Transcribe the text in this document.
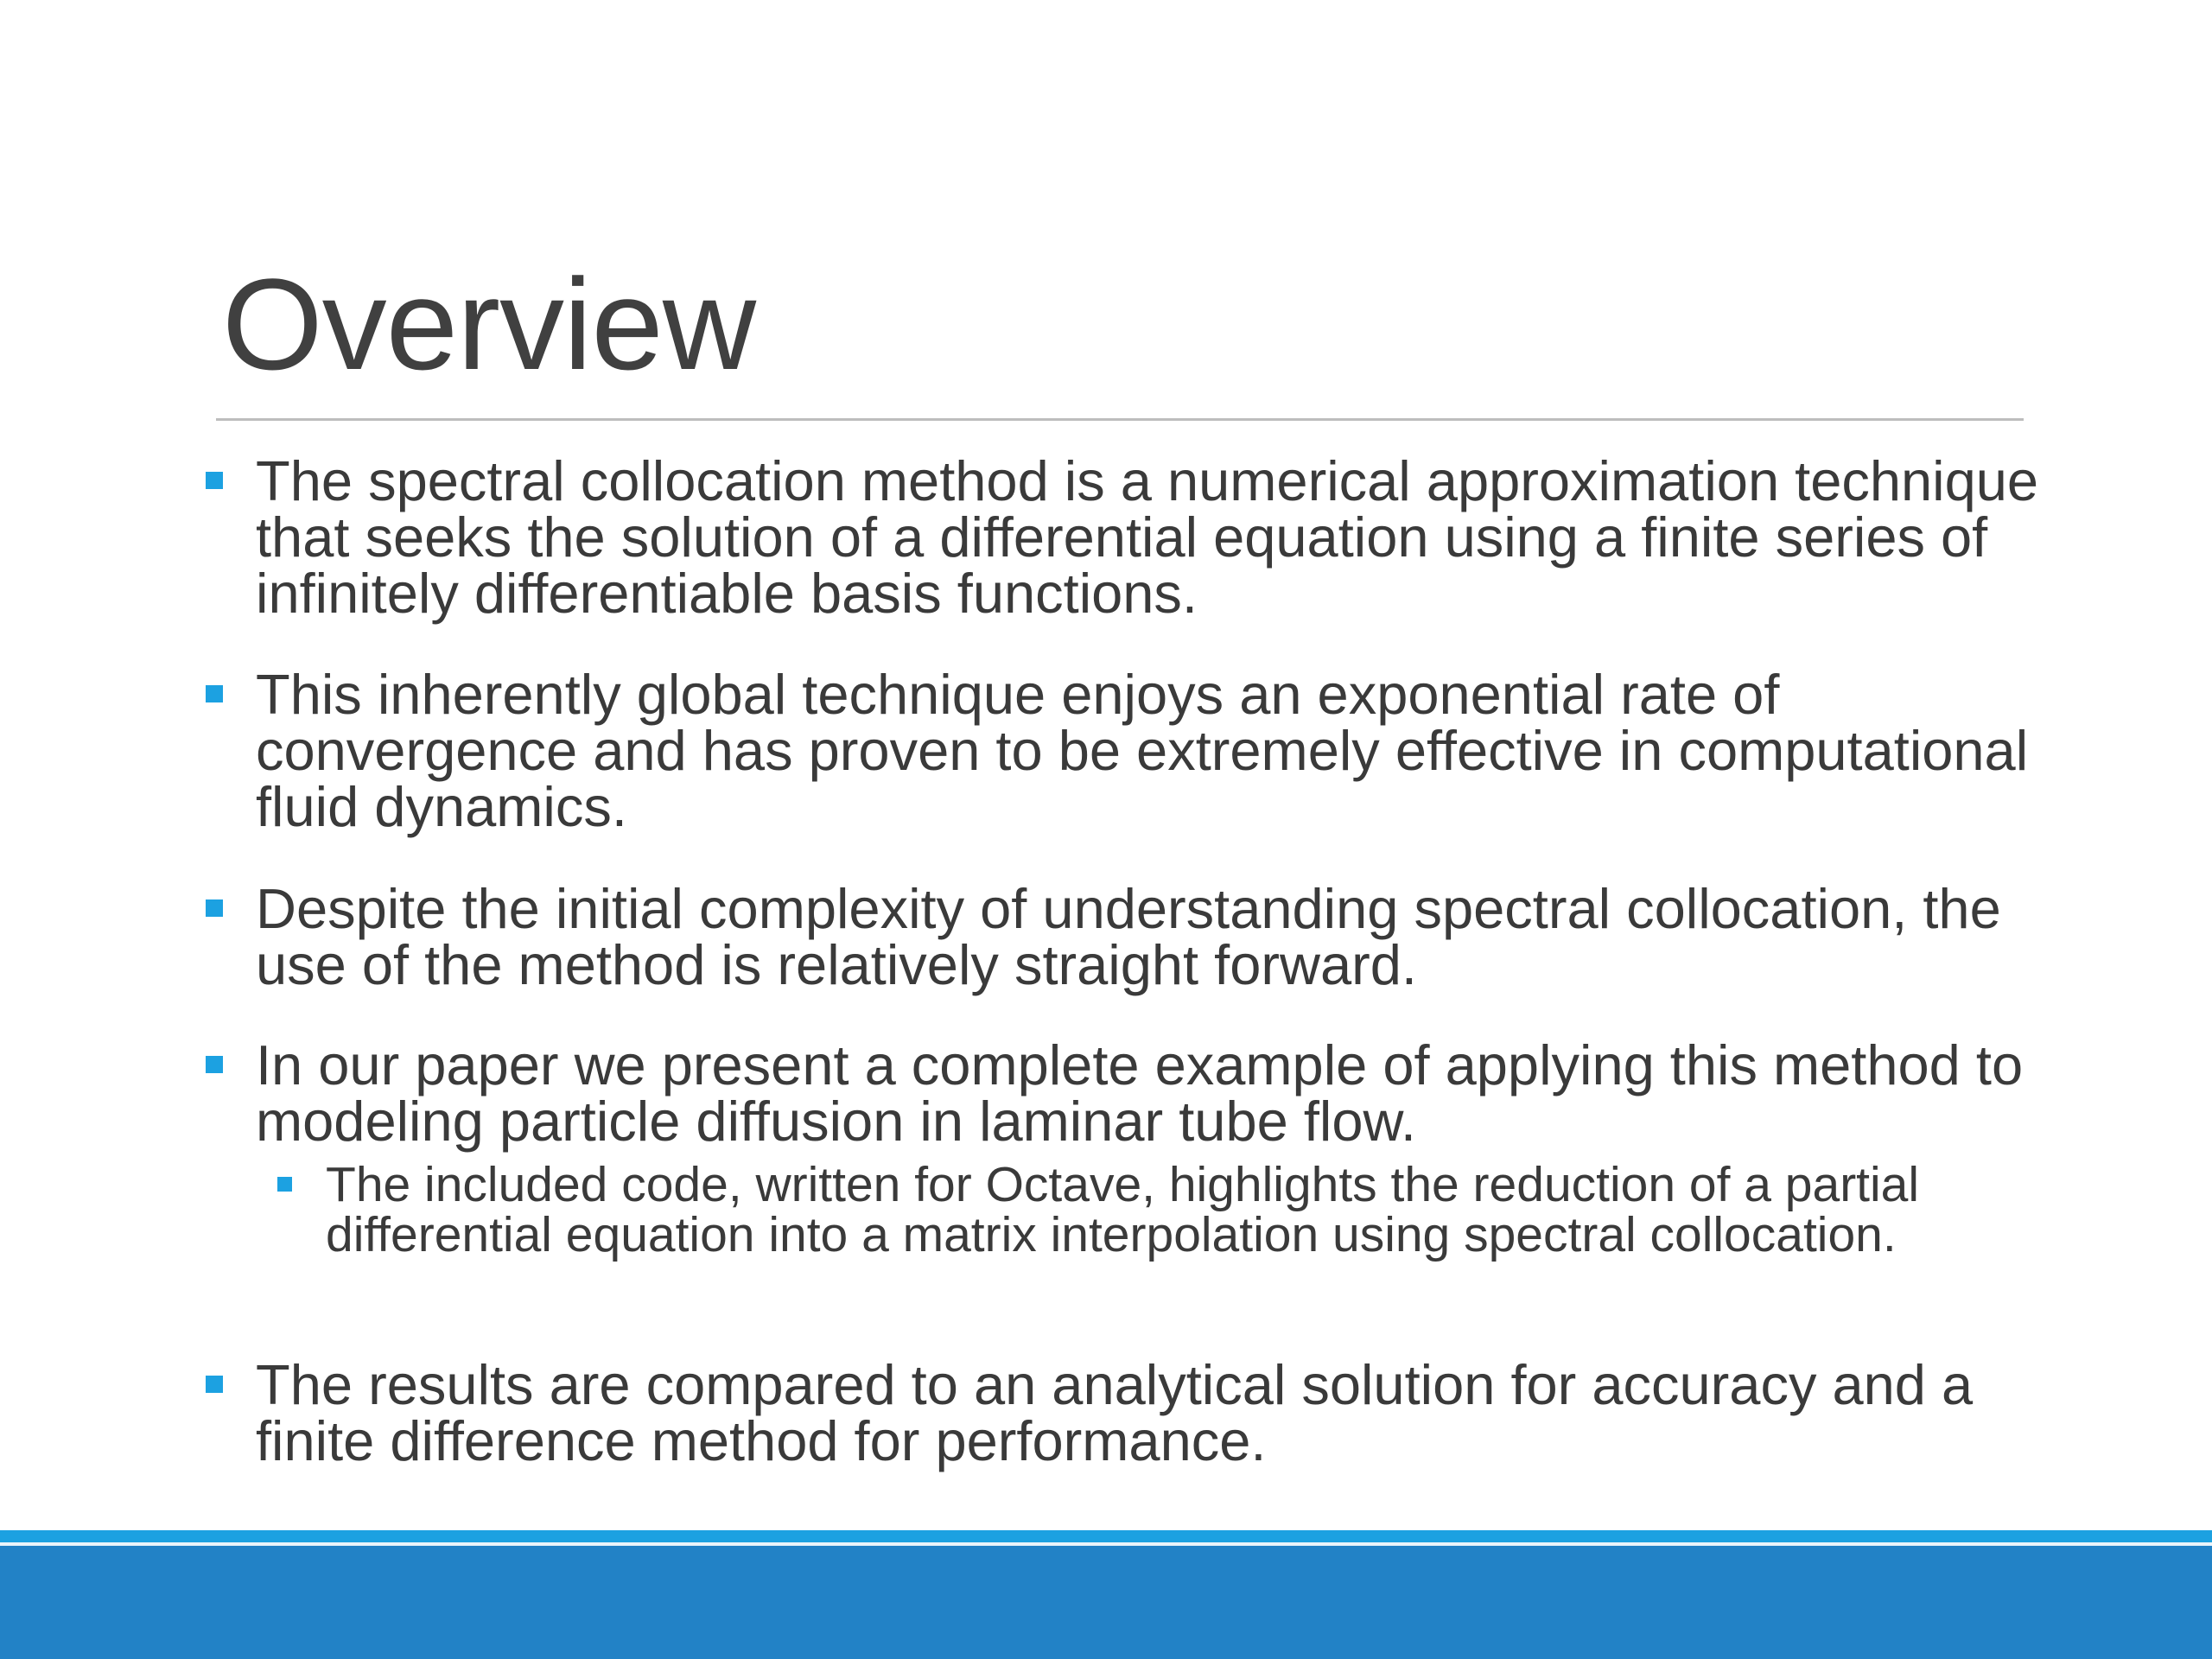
Overview
The spectral collocation method is a numerical approximation technique that seeks the solution of a differential equation using a finite series of infinitely differentiable basis functions.
This inherently global technique enjoys an exponential rate of convergence and has proven to be extremely effective in computational fluid dynamics.
Despite the initial complexity of understanding spectral collocation, the use of the method is relatively straight forward.
In our paper we present a complete example of applying this method to modeling particle diffusion in laminar tube flow.
The included code, written for Octave, highlights the reduction of a partial differential equation into a matrix interpolation using spectral collocation.
The results are compared to an analytical solution for accuracy and a finite difference method for performance.
